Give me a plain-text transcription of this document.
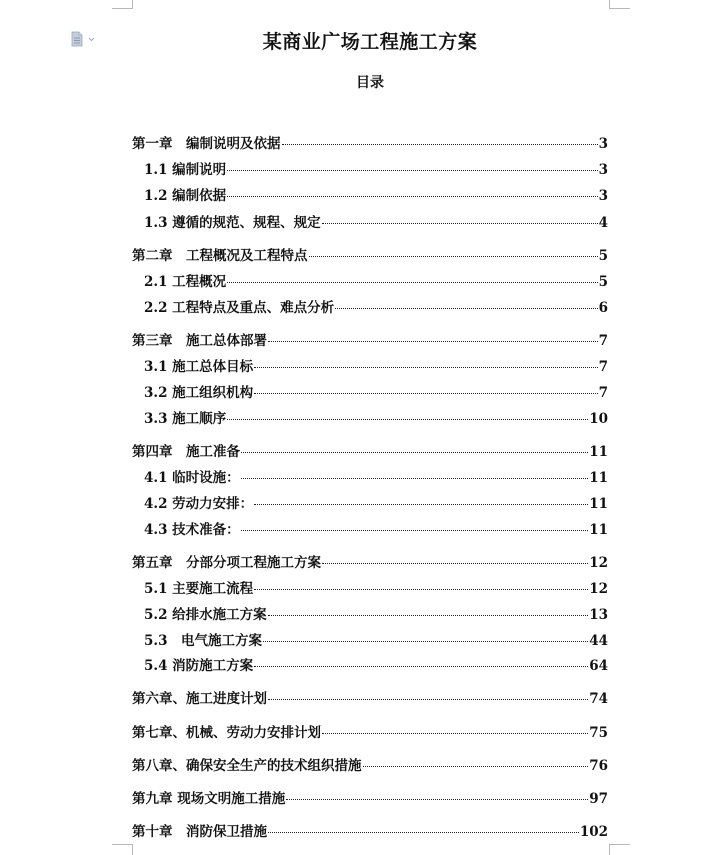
某商业广场工程施工方案
目录
第一章　编制说明及依据	3
1.1 编制说明	3
1.2 编制依据	3
1.3 遵循的规范、规程、规定	4
第二章　工程概况及工程特点	5
2.1 工程概况	5
2.2 工程特点及重点、难点分析	6
第三章　施工总体部署	7
3.1 施工总体目标	7
3.2 施工组织机构	7
3.3 施工顺序	10
第四章　施工准备	11
4.1 临时设施：	11
4.2 劳动力安排：	11
4.3 技术准备：	11
第五章　分部分项工程施工方案	12
5.1 主要施工流程	12
5.2 给排水施工方案	13
5.3　电气施工方案	44
5.4 消防施工方案	64
第六章、施工进度计划	74
第七章、机械、劳动力安排计划	75
第八章、确保安全生产的技术组织措施	76
第九章 现场文明施工措施	97
第十章　消防保卫措施	102
